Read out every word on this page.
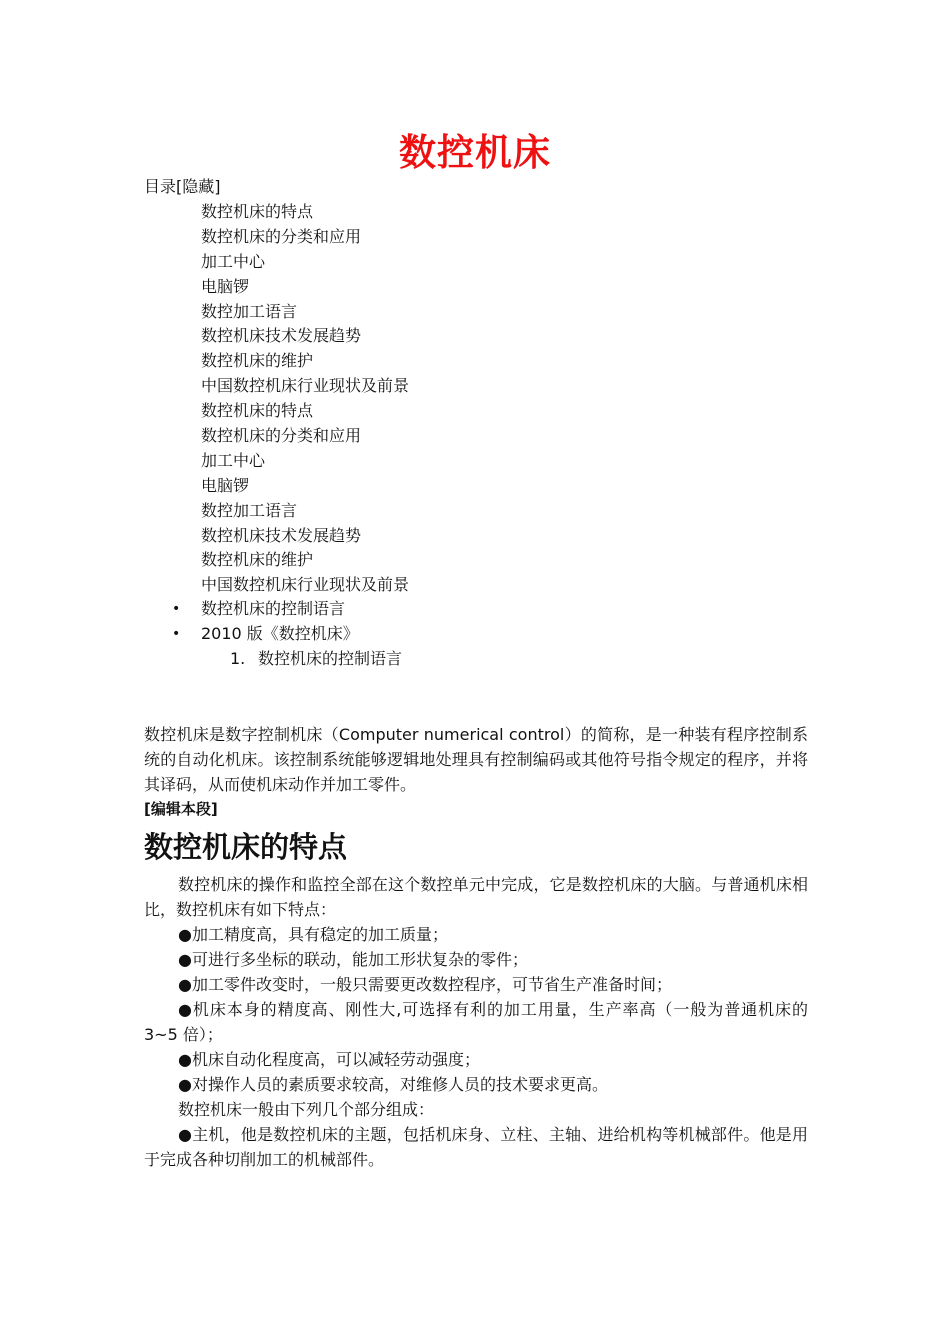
数控机床
目录[隐藏]
数控机床的特点
数控机床的分类和应用
加工中心
电脑锣
数控加工语言
数控机床技术发展趋势
数控机床的维护
中国数控机床行业现状及前景
数控机床的特点
数控机床的分类和应用
加工中心
电脑锣
数控加工语言
数控机床技术发展趋势
数控机床的维护
中国数控机床行业现状及前景
• 数控机床的控制语言
• 2010 版《数控机床》
1. 数控机床的控制语言

数控机床是数字控制机床（Computer numerical control）的简称，是一种装有程序控制系统的自动化机床。该控制系统能够逻辑地处理具有控制编码或其他符号指令规定的程序，并将其译码，从而使机床动作并加工零件。

[编辑本段]
数控机床的特点

数控机床的操作和监控全部在这个数控单元中完成，它是数控机床的大脑。与普通机床相比，数控机床有如下特点：

●加工精度高，具有稳定的加工质量；

●可进行多坐标的联动，能加工形状复杂的零件；

●加工零件改变时，一般只需要更改数控程序，可节省生产准备时间；

●机床本身的精度高、刚性大,可选择有利的加工用量，生产率高（一般为普通机床的 3~5 倍）；

●机床自动化程度高，可以减轻劳动强度；

●对操作人员的素质要求较高，对维修人员的技术要求更高。

数控机床一般由下列几个部分组成：

●主机，他是数控机床的主题，包括机床身、立柱、主轴、进给机构等机械部件。他是用于完成各种切削加工的机械部件。
